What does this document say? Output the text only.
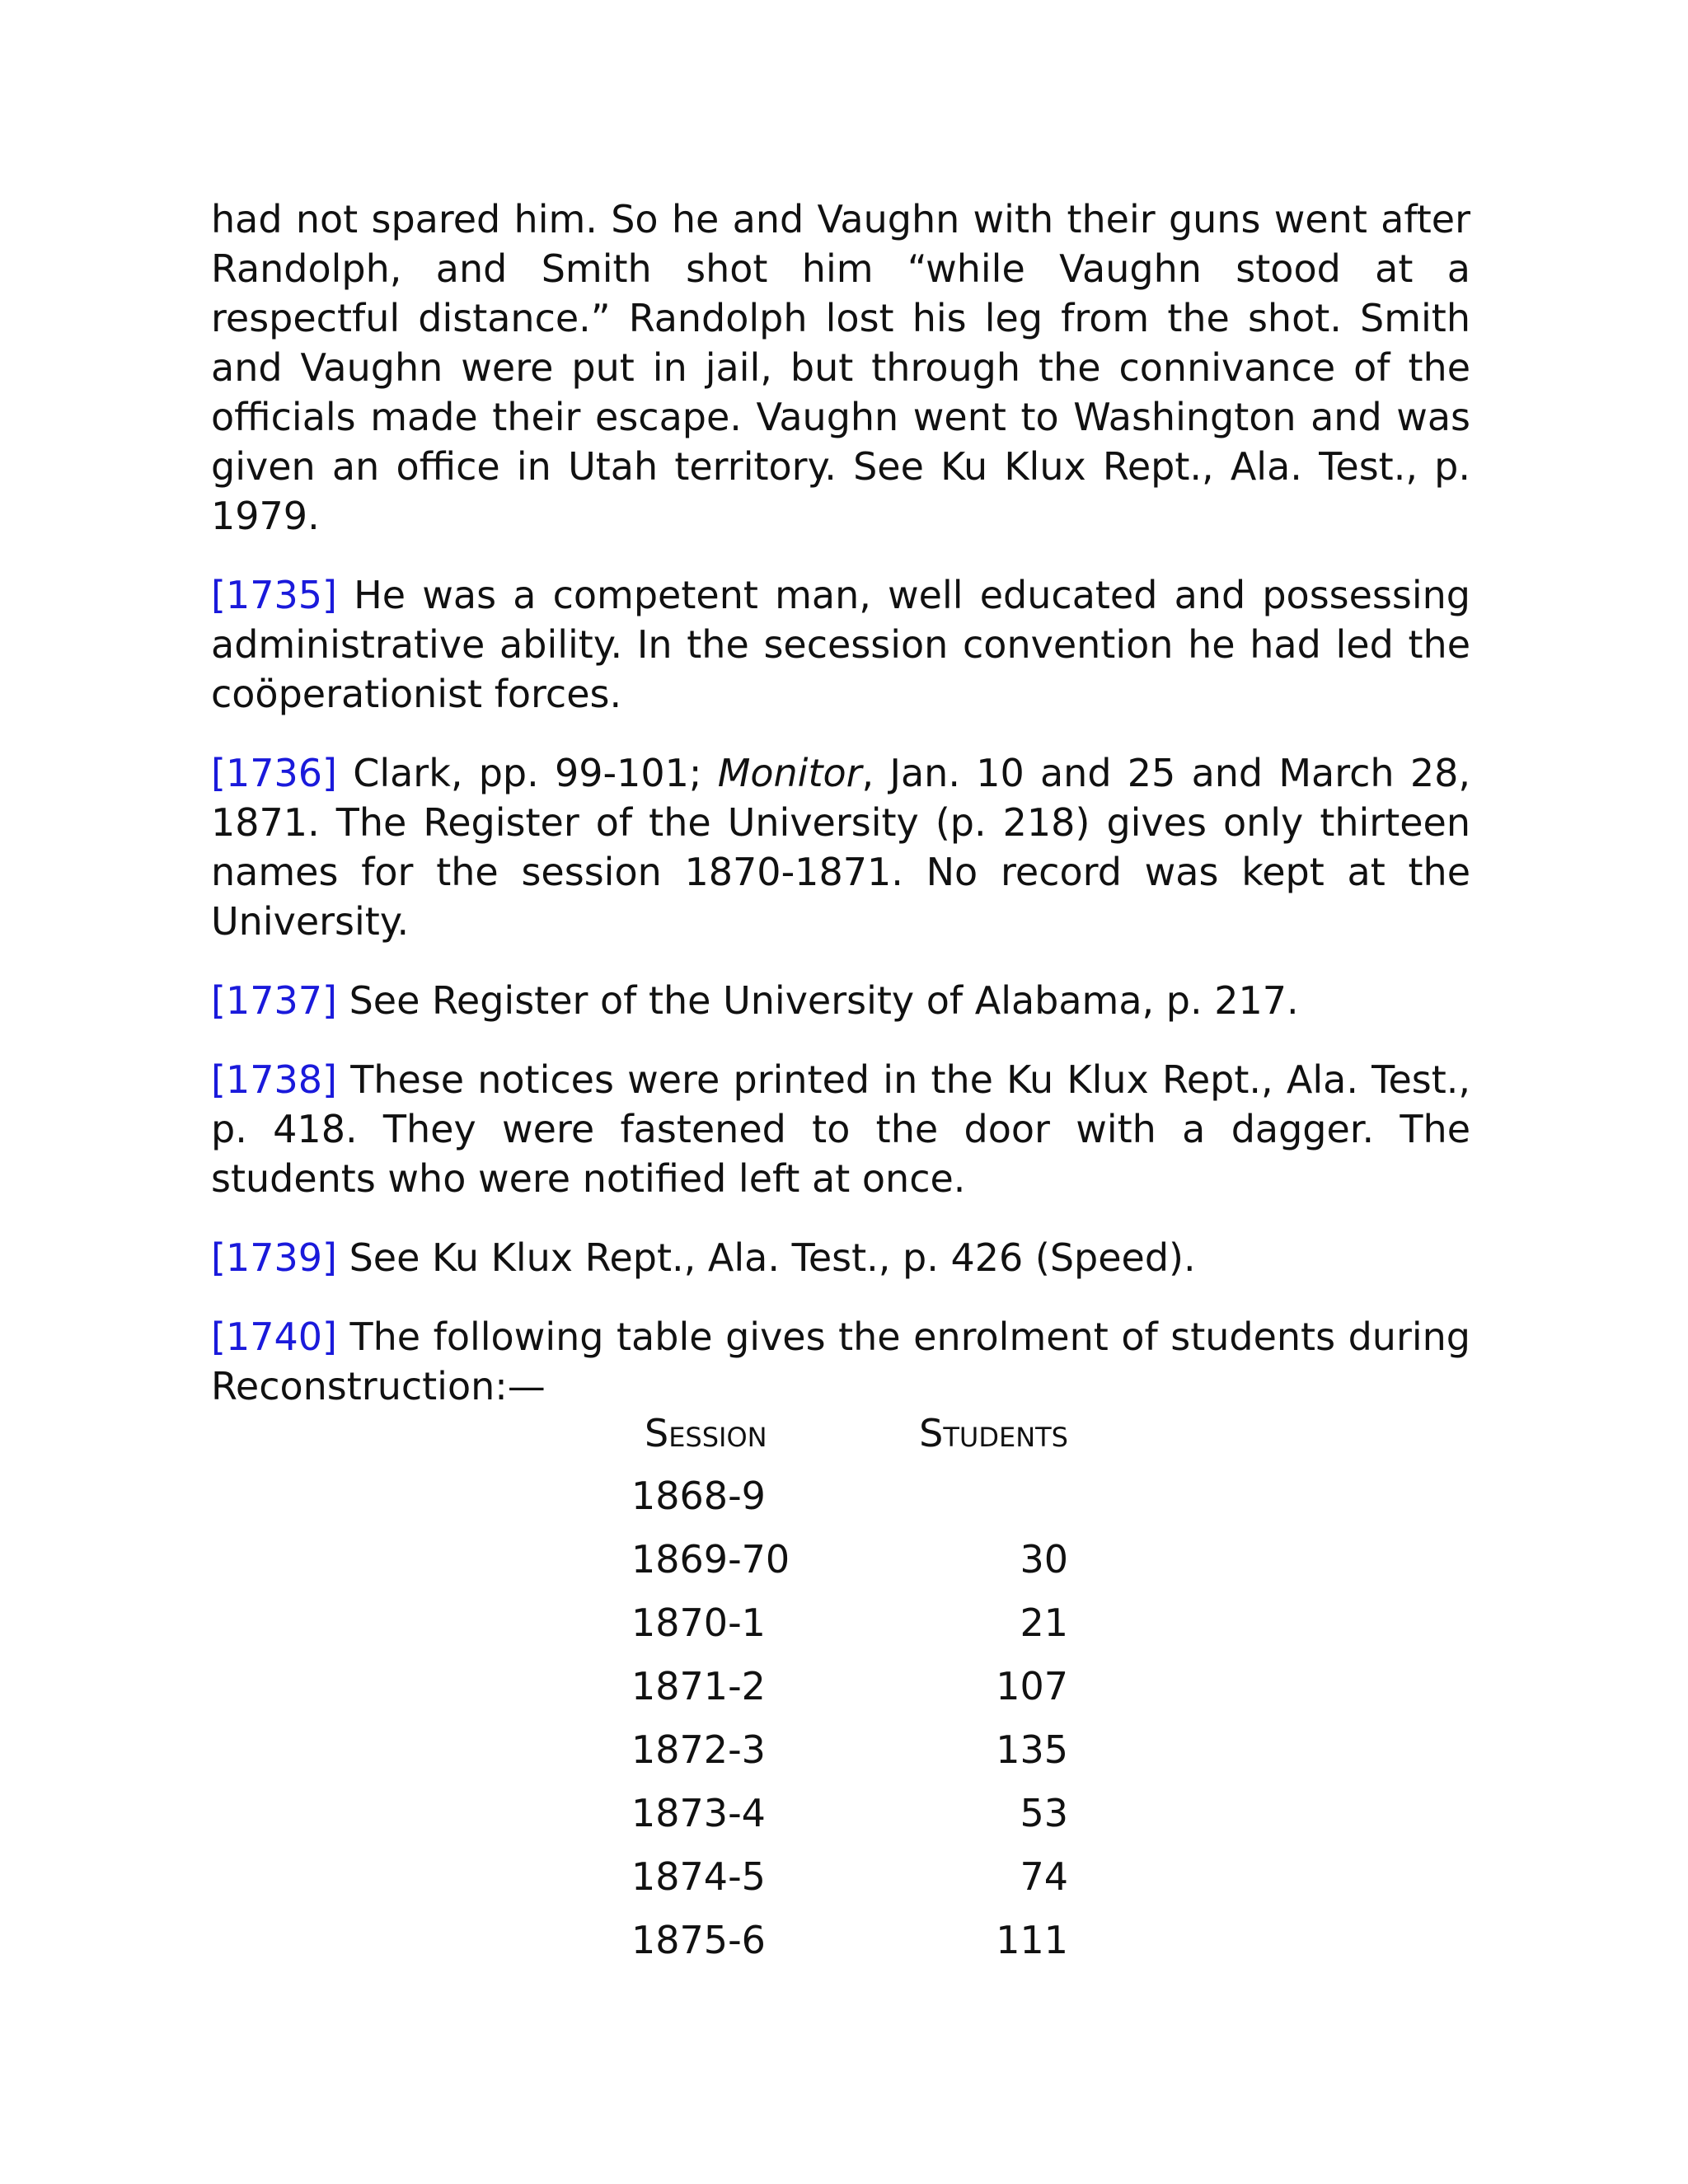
had not spared him. So he and Vaughn with their guns went after Randolph, and Smith shot him “while Vaughn stood at a respectful distance.” Randolph lost his leg from the shot. Smith and Vaughn were put in jail, but through the connivance of the officials made their escape. Vaughn went to Washington and was given an office in Utah territory. See Ku Klux Rept., Ala. Test., p. 1979.

[1735] He was a competent man, well educated and possessing administrative ability. In the secession convention he had led the coöperationist forces.

[1736] Clark, pp. 99-101; Monitor, Jan. 10 and 25 and March 28, 1871. The Register of the University (p. 218) gives only thirteen names for the session 1870-1871. No record was kept at the University.

[1737] See Register of the University of Alabama, p. 217.

[1738] These notices were printed in the Ku Klux Rept., Ala. Test., p. 418. They were fastened to the door with a dagger. The students who were notified left at once.

[1739] See Ku Klux Rept., Ala. Test., p. 426 (Speed).

[1740] The following table gives the enrolment of students during Reconstruction:—

Session	Students
1868-9	
1869-70	30
1870-1	21
1871-2	107
1872-3	135
1873-4	53
1874-5	74
1875-6	111
